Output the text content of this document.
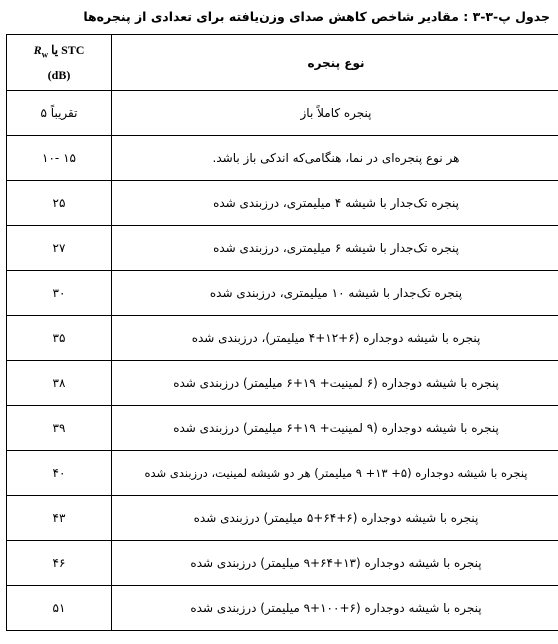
جدول پ-۳-۳ : مقادیر شاخص کاهش صدای وزن‌یافته برای تعدادی از پنجره‌ها
نوع پنجره	$R_w$ یا STC
(dB)

پنجره کاملاً باز	تقریباً ۵
هر نوع پنجره‌ای در نما، هنگامی‌که اندکی باز باشد.	۱۵ -۱۰
پنجره تک‌جدار با شیشه ۴ میلیمتری، درزبندی شده	۲۵
پنجره تک‌جدار با شیشه ۶ میلیمتری، درزبندی شده	۲۷
پنجره تک‌جدار با شیشه ۱۰ میلیمتری، درزبندی شده	۳۰
پنجره با شیشه دوجداره (۶+۱۲+۴ میلیمتر)، درزبندی شده	۳۵
پنجره با شیشه دوجداره (۶ لمینیت+ ۱۹+۶ میلیمتر) درزبندی شده	۳۸
پنجره با شیشه دوجداره (۹ لمینیت+ ۱۹+۶ میلیمتر) درزبندی شده	۳۹
پنجره با شیشه دوجداره (۵+ ۱۳+ ۹ میلیمتر) هر دو شیشه لمینیت، درزبندی شده	۴۰
پنجره با شیشه دوجداره (۶+۶۴+۵ میلیمتر) درزبندی شده	۴۳
پنجره با شیشه دوجداره (۱۳+۶۴+۹ میلیمتر) درزبندی شده	۴۶
پنجره با شیشه دوجداره (۶+۱۰۰+۹ میلیمتر) درزبندی شده	۵۱
